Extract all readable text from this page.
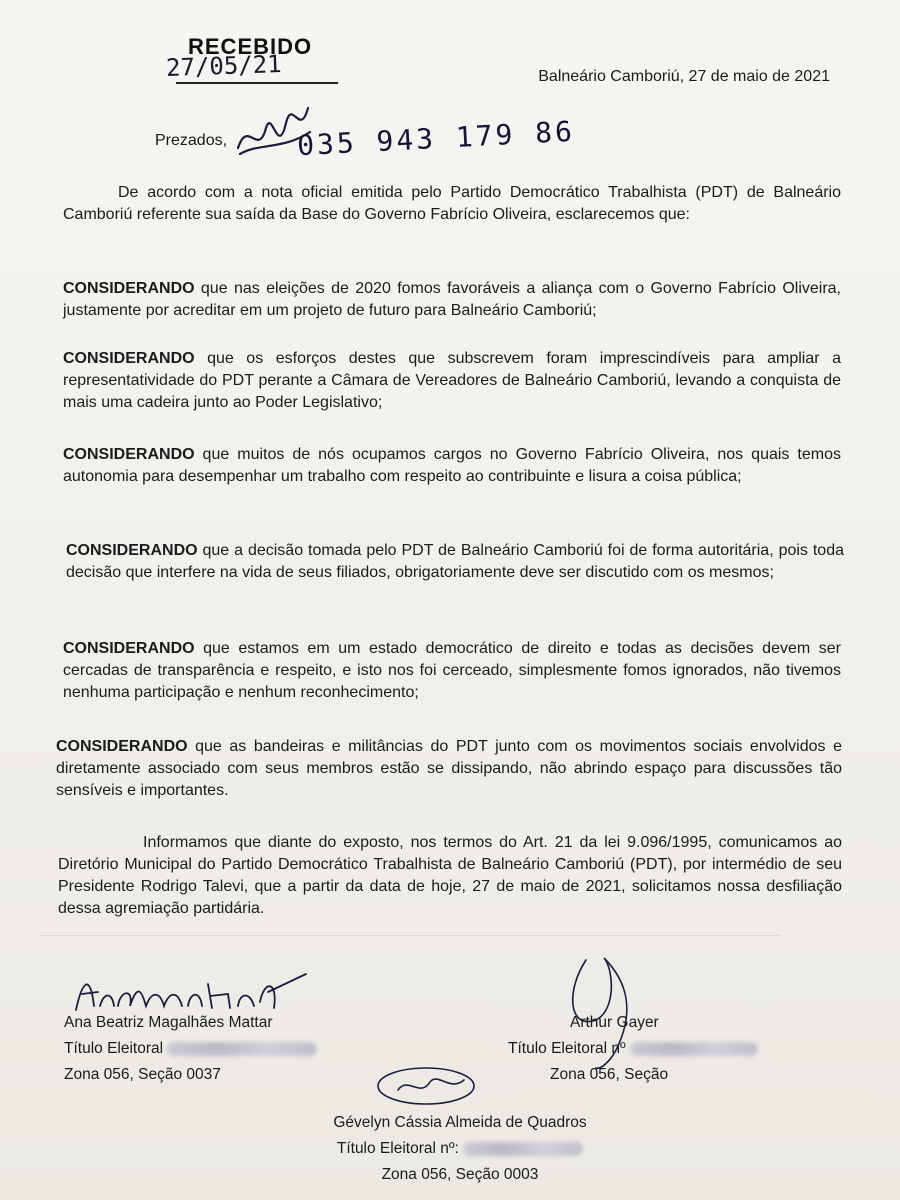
RECEBIDO
27/05/21	Balneário Camboriú, 27 de maio de 2021
Prezados, 035 943 179 86
De acordo com a nota oficial emitida pelo Partido Democrático Trabalhista (PDT) de Balneário Camboriú referente sua saída da Base do Governo Fabrício Oliveira, esclarecemos que:
CONSIDERANDO que nas eleições de 2020 fomos favoráveis a aliança com o Governo Fabrício Oliveira, justamente por acreditar em um projeto de futuro para Balneário Camboriú;
CONSIDERANDO que os esforços destes que subscrevem foram imprescindíveis para ampliar a representatividade do PDT perante a Câmara de Vereadores de Balneário Camboriú, levando a conquista de mais uma cadeira junto ao Poder Legislativo;
CONSIDERANDO que muitos de nós ocupamos cargos no Governo Fabrício Oliveira, nos quais temos autonomia para desempenhar um trabalho com respeito ao contribuinte e lisura a coisa pública;
CONSIDERANDO que a decisão tomada pelo PDT de Balneário Camboriú foi de forma autoritária, pois toda decisão que interfere na vida de seus filiados, obrigatoriamente deve ser discutido com os mesmos;
CONSIDERANDO que estamos em um estado democrático de direito e todas as decisões devem ser cercadas de transparência e respeito, e isto nos foi cerceado, simplesmente fomos ignorados, não tivemos nenhuma participação e nenhum reconhecimento;
CONSIDERANDO que as bandeiras e militâncias do PDT junto com os movimentos sociais envolvidos e diretamente associado com seus membros estão se dissipando, não abrindo espaço para discussões tão sensíveis e importantes.
Informamos que diante do exposto, nos termos do Art. 21 da lei 9.096/1995, comunicamos ao Diretório Municipal do Partido Democrático Trabalhista de Balneário Camboriú (PDT), por intermédio de seu Presidente Rodrigo Talevi, que a partir da data de hoje, 27 de maio de 2021, solicitamos nossa desfiliação dessa agremiação partidária.
Ana Beatriz Magalhães Mattar
Título Eleitoral
Zona 056, Seção 0037
Arthur Gayer
Título Eleitoral nº
Zona 056, Seção
Gévelyn Cássia Almeida de Quadros
Título Eleitoral nº:
Zona 056, Seção 0003
